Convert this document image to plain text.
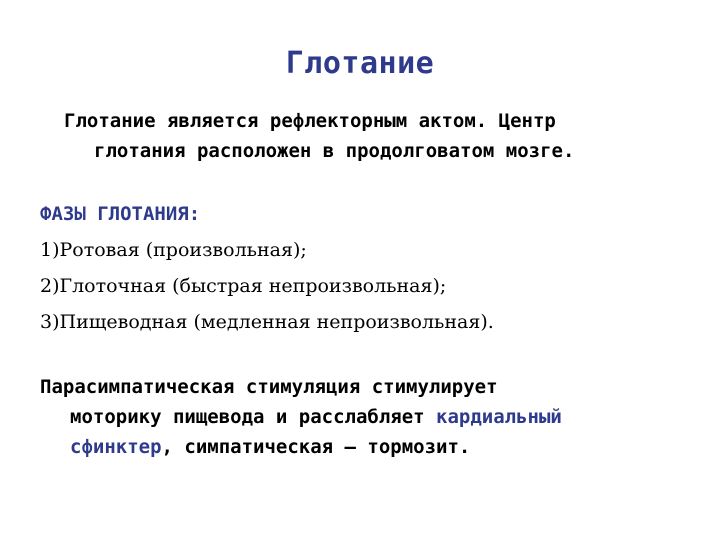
Глотание
Глотание является рефлекторным актом. Центр
глотания расположен в продолговатом мозге.
ФАЗЫ ГЛОТАНИЯ:
1)Ротовая (произвольная);
2)Глоточная (быстрая непроизвольная);
3)Пищеводная (медленная непроизвольная).
Парасимпатическая стимуляция стимулирует
моторику пищевода и расслабляет кардиальный
сфинктер, симпатическая – тормозит.
